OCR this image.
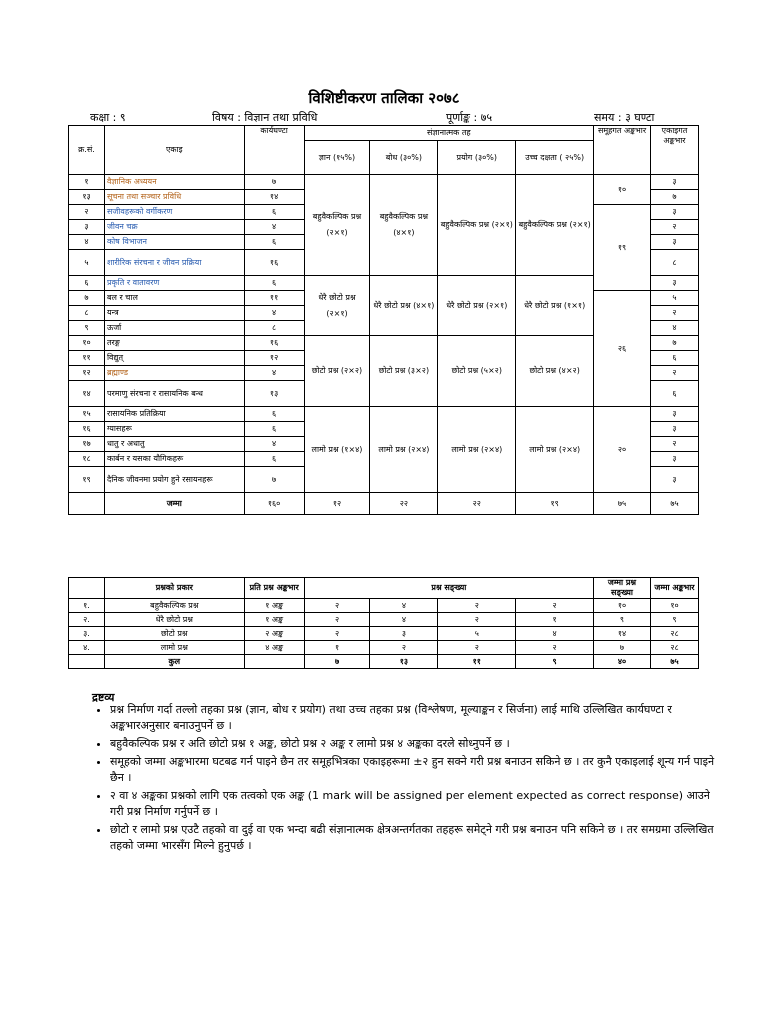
विशिष्टीकरण तालिका २०७८
कक्षा : ९	विषय : विज्ञान तथा प्रविधि	पूर्णाङ्क : ७५	समय : ३ घण्टा
क्र.सं.	एकाइ	कार्यघण्टा	संज्ञानात्मक तह				समूहगत अङ्कभार	एकाइगत अङ्कभार
			ज्ञान (१५%)	बोध (३०%)	प्रयोग (३०%)	उच्च दक्षता ( २५%)		
१	वैज्ञानिक अध्ययन	७	बहुवैकल्पिक प्रश्न (२×१)	बहुवैकल्पिक प्रश्न (४×१)	बहुवैकल्पिक प्रश्न (२×१)	बहुवैकल्पिक प्रश्न (२×१)	१०	३
१३	सूचना तथा सञ्चार प्रविधि	१४						७
२	सजीवहरूको वर्गीकरण	६					१९	३
३	जीवन चक्र	४						२
४	कोष विभाजन	६						३
५	शारीरिक संरचना र जीवन प्रक्रिया	१६						८
६	प्रकृति र वातावरण	६	धेरै छोटो प्रश्न (२×१)	धेरै छोटो प्रश्न (४×१)	धेरै छोटो प्रश्न (२×१)	धेरै छोटो प्रश्न (१×१)		३
७	बल र चाल	११					२६	५
८	यन्त्र	४						२
९	ऊर्जा	८						४
१०	तरङ्ग	१६	छोटो प्रश्न (२×२)	छोटो प्रश्न (३×२)	छोटो प्रश्न (५×२)	छोटो प्रश्न (४×२)		७
११	विद्युत्	१२						६
१२	ब्रह्माण्ड	४						२
१४	परमाणु संरचना र रासायनिक बन्ध	१३						६
१५	रासायनिक प्रतिक्रिया	६	लामो प्रश्न (१×४)	लामो प्रश्न (२×४)	लामो प्रश्न (२×४)	लामो प्रश्न (२×४)	२०	३
१६	ग्यासहरू	६						३
१७	धातु र अधातु	४						२
१८	कार्बन र यसका यौगिकहरू	६						३
१९	दैनिक जीवनमा प्रयोग हुने रसायनहरू	७						३
	जम्मा	१६०	१२	२२	२२	१९	७५	७५
	प्रश्नको प्रकार	प्रति प्रश्न अङ्कभार	प्रश्न सङ्ख्या				जम्मा प्रश्न सङ्ख्या	जम्मा अङ्कभार
१.	बहुवैकल्पिक प्रश्न	१ अङ्क	२	४	२	२	१०	१०
२.	धेरै छोटो प्रश्न	१ अङ्क	२	४	२	१	९	९
३.	छोटो प्रश्न	२ अङ्क	२	३	५	४	१४	२८
४.	लामो प्रश्न	४ अङ्क	१	२	२	२	७	२८
	कुल		७	१३	११	९	४०	७५
द्रष्टव्य
• प्रश्न निर्माण गर्दा तल्लो तहका प्रश्न (ज्ञान, बोध र प्रयोग) तथा उच्च तहका प्रश्न (विश्लेषण, मूल्याङ्कन र सिर्जना) लाई माथि उल्लिखित कार्यघण्टा र अङ्कभारअनुसार बनाउनुपर्ने छ ।
• बहुवैकल्पिक प्रश्न र अति छोटो प्रश्न १ अङ्क, छोटो प्रश्न २ अङ्क र लामो प्रश्न ४ अङ्कका दरले सोध्नुपर्ने छ ।
• समूहको जम्मा अङ्कभारमा घटबढ गर्न पाइने छैन तर समूहभित्रका एकाइहरूमा ±२ हुन सक्ने गरी प्रश्न बनाउन सकिने छ । तर कुनै एकाइलाई शून्य गर्न पाइने छैन ।
• २ वा ४ अङ्कका प्रश्नको लागि एक तत्वको एक अङ्क (1 mark will be assigned per element expected as correct response) आउने गरी प्रश्न निर्माण गर्नुपर्ने छ ।
• छोटो र लामो प्रश्न एउटै तहको वा दुई वा एक भन्दा बढी संज्ञानात्मक क्षेत्रअन्तर्गतका तहहरू समेट्ने गरी प्रश्न बनाउन पनि सकिने छ । तर समग्रमा उल्लिखित तहको जम्मा भारसँग मिल्ने हुनुपर्छ ।
